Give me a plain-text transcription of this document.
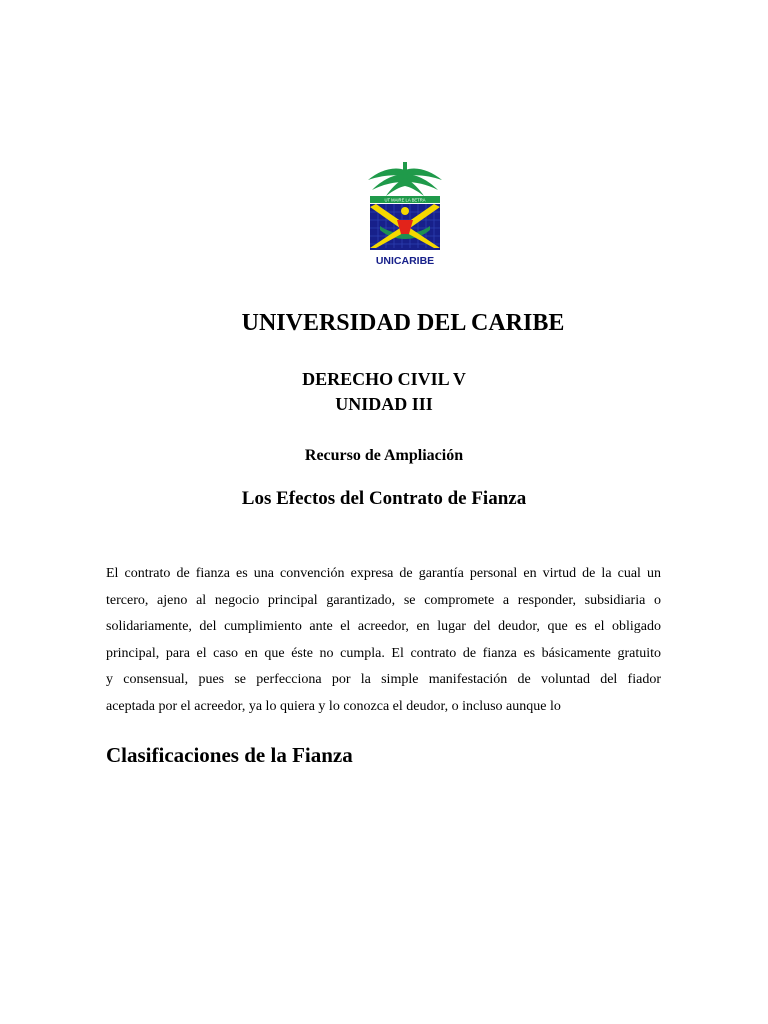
UT MAIRE LA BETRA
UNICARIBE
UNIVERSIDAD DEL CARIBE
DERECHO CIVIL V
UNIDAD III
Recurso de Ampliación
Los Efectos del Contrato de Fianza
El contrato de fianza es una convención expresa de garantía personal en virtud de la cual un
tercero, ajeno al negocio principal garantizado, se compromete a responder, subsidiaria o
solidariamente, del cumplimiento ante el acreedor, en lugar del deudor, que es el obligado
principal, para el caso en que éste no cumpla. El contrato de fianza es básicamente gratuito
y consensual, pues se perfecciona por la simple manifestación de voluntad del fiador
aceptada por el acreedor, ya lo quiera y lo conozca el deudor, o incluso aunque lo
Clasificaciones de la Fianza
